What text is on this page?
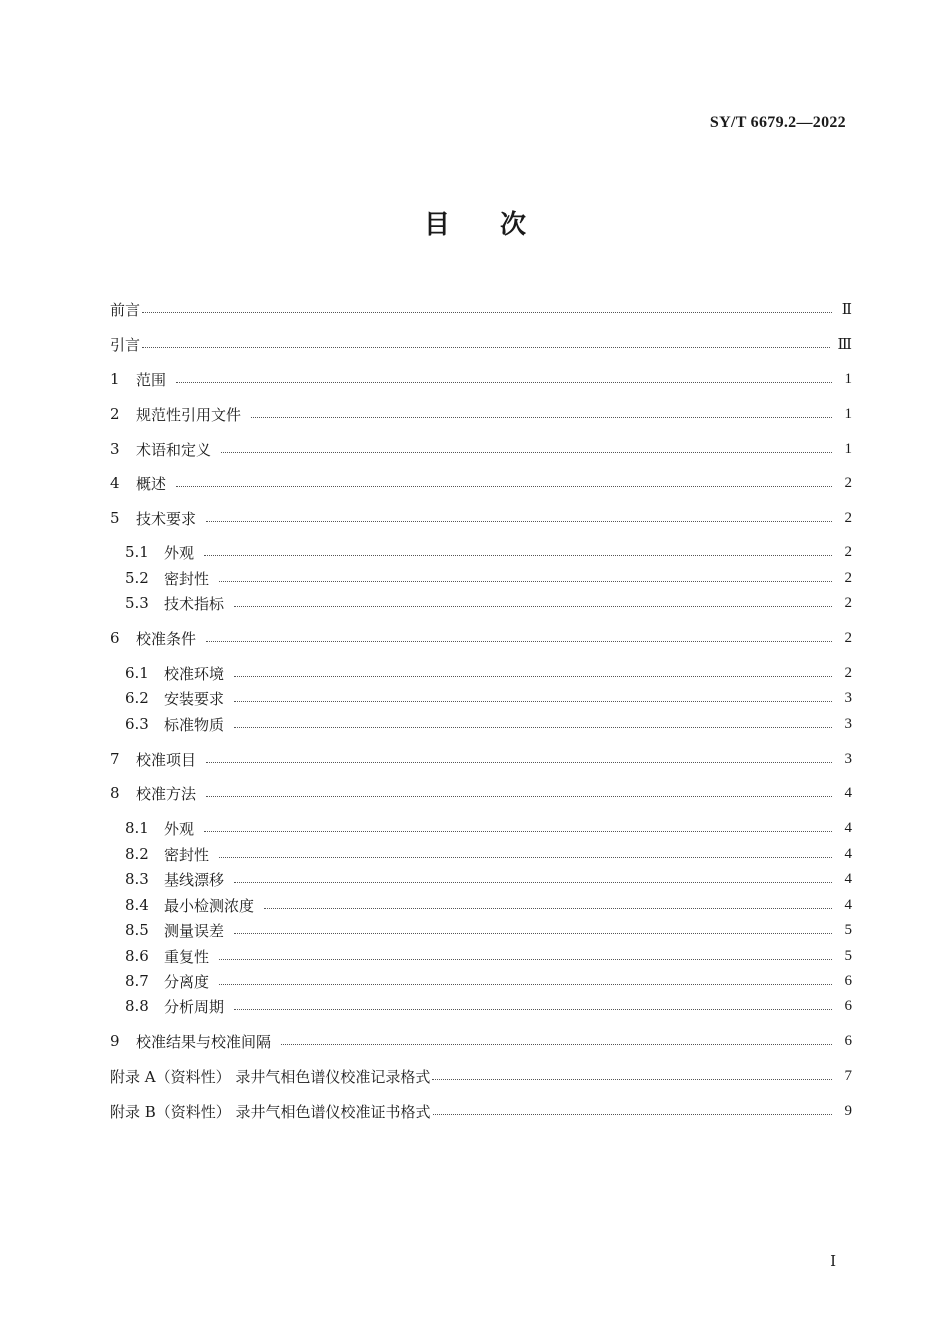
SY/T 6679.2—2022
目 次
前言	Ⅱ
引言	Ⅲ
1	范围	1
2	规范性引用文件	1
3	术语和定义	1
4	概述	2
5	技术要求	2
5.1	外观	2
5.2	密封性	2
5.3	技术指标	2
6	校准条件	2
6.1	校准环境	2
6.2	安装要求	3
6.3	标准物质	3
7	校准项目	3
8	校准方法	4
8.1	外观	4
8.2	密封性	4
8.3	基线漂移	4
8.4	最小检测浓度	4
8.5	测量误差	5
8.6	重复性	5
8.7	分离度	6
8.8	分析周期	6
9	校准结果与校准间隔	6
附录 A（资料性） 录井气相色谱仪校准记录格式	7
附录 B（资料性） 录井气相色谱仪校准证书格式	9
Ⅰ
